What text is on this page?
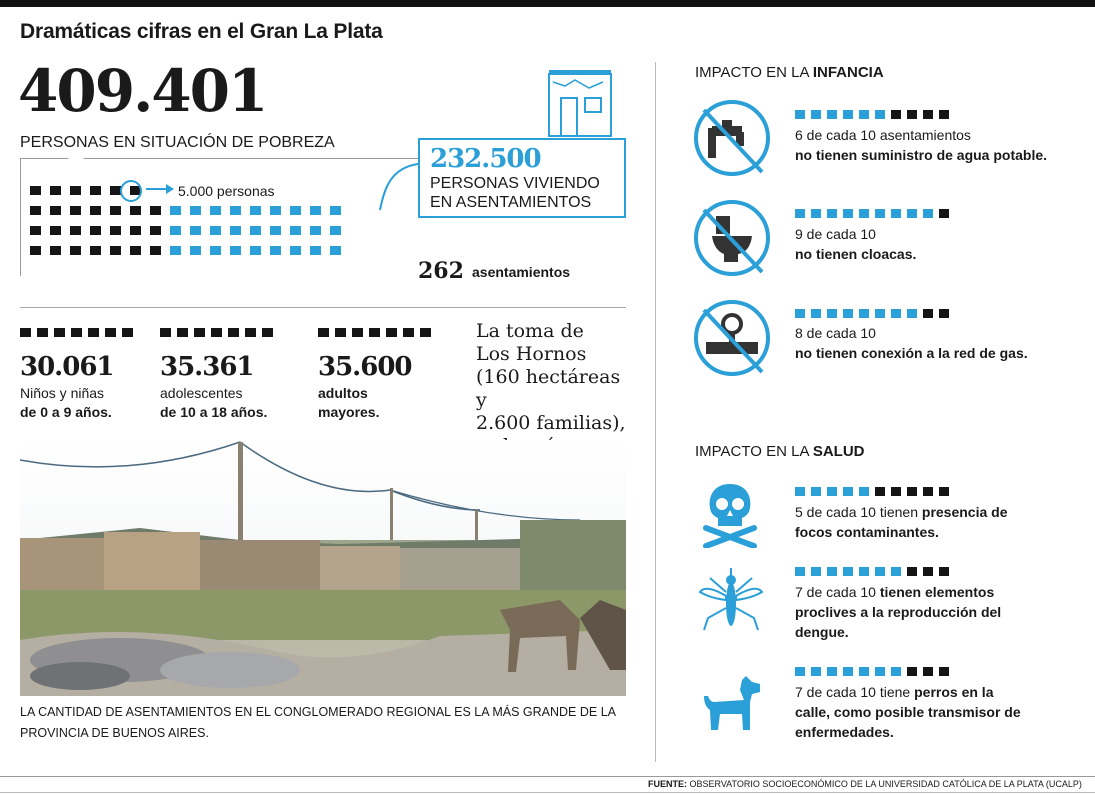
Dramáticas cifras en el Gran La Plata
409.401
PERSONAS EN SITUACIÓN DE POBREZA
5.000 personas
232.500
PERSONAS VIVIENDO
EN ASENTAMIENTOS
262 asentamientos
30.061
Niños y niñas
de 0 a 9 años.
35.361
adolescentes
de 10 a 18 años.
35.600
adultos
mayores.
La toma de
Los Hornos
(160 hectáreas y
2.600 familias),
LA CANTIDAD DE ASENTAMIENTOS EN EL CONGLOMERADO REGIONAL ES LA MÁS GRANDE DE LA
PROVINCIA DE BUENOS AIRES.
IMPACTO EN LA INFANCIA
6 de cada 10 asentamientos
no tienen suministro de agua potable.
9 de cada 10
no tienen cloacas.
8 de cada 10
no tienen conexión a la red de gas.
IMPACTO EN LA SALUD
5 de cada 10 tienen presencia de
focos contaminantes.
7 de cada 10 tienen elementos
proclives a la reproducción del
dengue.
7 de cada 10 tiene perros en la
calle, como posible transmisor de
enfermedades.
FUENTE: OBSERVATORIO SOCIOECONÓMICO DE LA UNIVERSIDAD CATÓLICA DE LA PLATA (UCALP)
